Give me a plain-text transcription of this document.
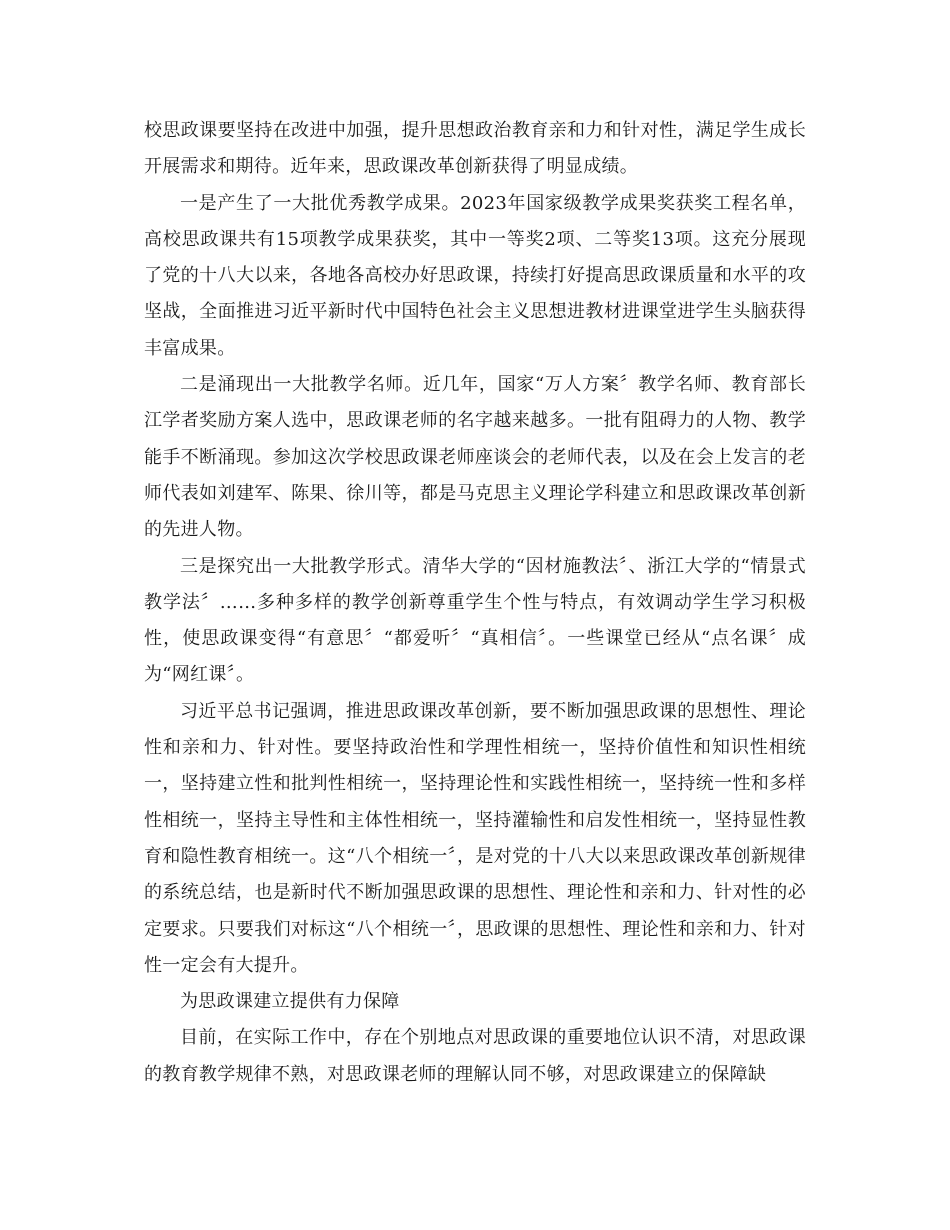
校思政课要坚持在改进中加强，提升思想政治教育亲和力和针对性，满足学生成长开展需求和期待。近年来，思政课改革创新获得了明显成绩。

一是产生了一大批优秀教学成果。2023年国家级教学成果奖获奖工程名单，高校思政课共有15项教学成果获奖，其中一等奖2项、二等奖13项。这充分展现了党的十八大以来，各地各高校办好思政课，持续打好提高思政课质量和水平的攻坚战，全面推进习近平新时代中国特色社会主义思想进教材进课堂进学生头脑获得丰富成果。

二是涌现出一大批教学名师。近几年，国家“万人方案〞教学名师、教育部长江学者奖励方案人选中，思政课老师的名字越来越多。一批有阻碍力的人物、教学能手不断涌现。参加这次学校思政课老师座谈会的老师代表，以及在会上发言的老师代表如刘建军、陈果、徐川等，都是马克思主义理论学科建立和思政课改革创新的先进人物。

三是探究出一大批教学形式。清华大学的“因材施教法〞、浙江大学的“情景式教学法〞……多种多样的教学创新尊重学生个性与特点，有效调动学生学习积极性，使思政课变得“有意思〞“都爱听〞“真相信〞。一些课堂已经从“点名课〞成为“网红课〞。

习近平总书记强调，推进思政课改革创新，要不断加强思政课的思想性、理论性和亲和力、针对性。要坚持政治性和学理性相统一，坚持价值性和知识性相统一，坚持建立性和批判性相统一，坚持理论性和实践性相统一，坚持统一性和多样性相统一，坚持主导性和主体性相统一，坚持灌输性和启发性相统一，坚持显性教育和隐性教育相统一。这“八个相统一〞，是对党的十八大以来思政课改革创新规律的系统总结，也是新时代不断加强思政课的思想性、理论性和亲和力、针对性的必定要求。只要我们对标这“八个相统一〞，思政课的思想性、理论性和亲和力、针对性一定会有大提升。

为思政课建立提供有力保障

目前，在实际工作中，存在个别地点对思政课的重要地位认识不清，对思政课的教育教学规律不熟，对思政课老师的理解认同不够，对思政课建立的保障缺
